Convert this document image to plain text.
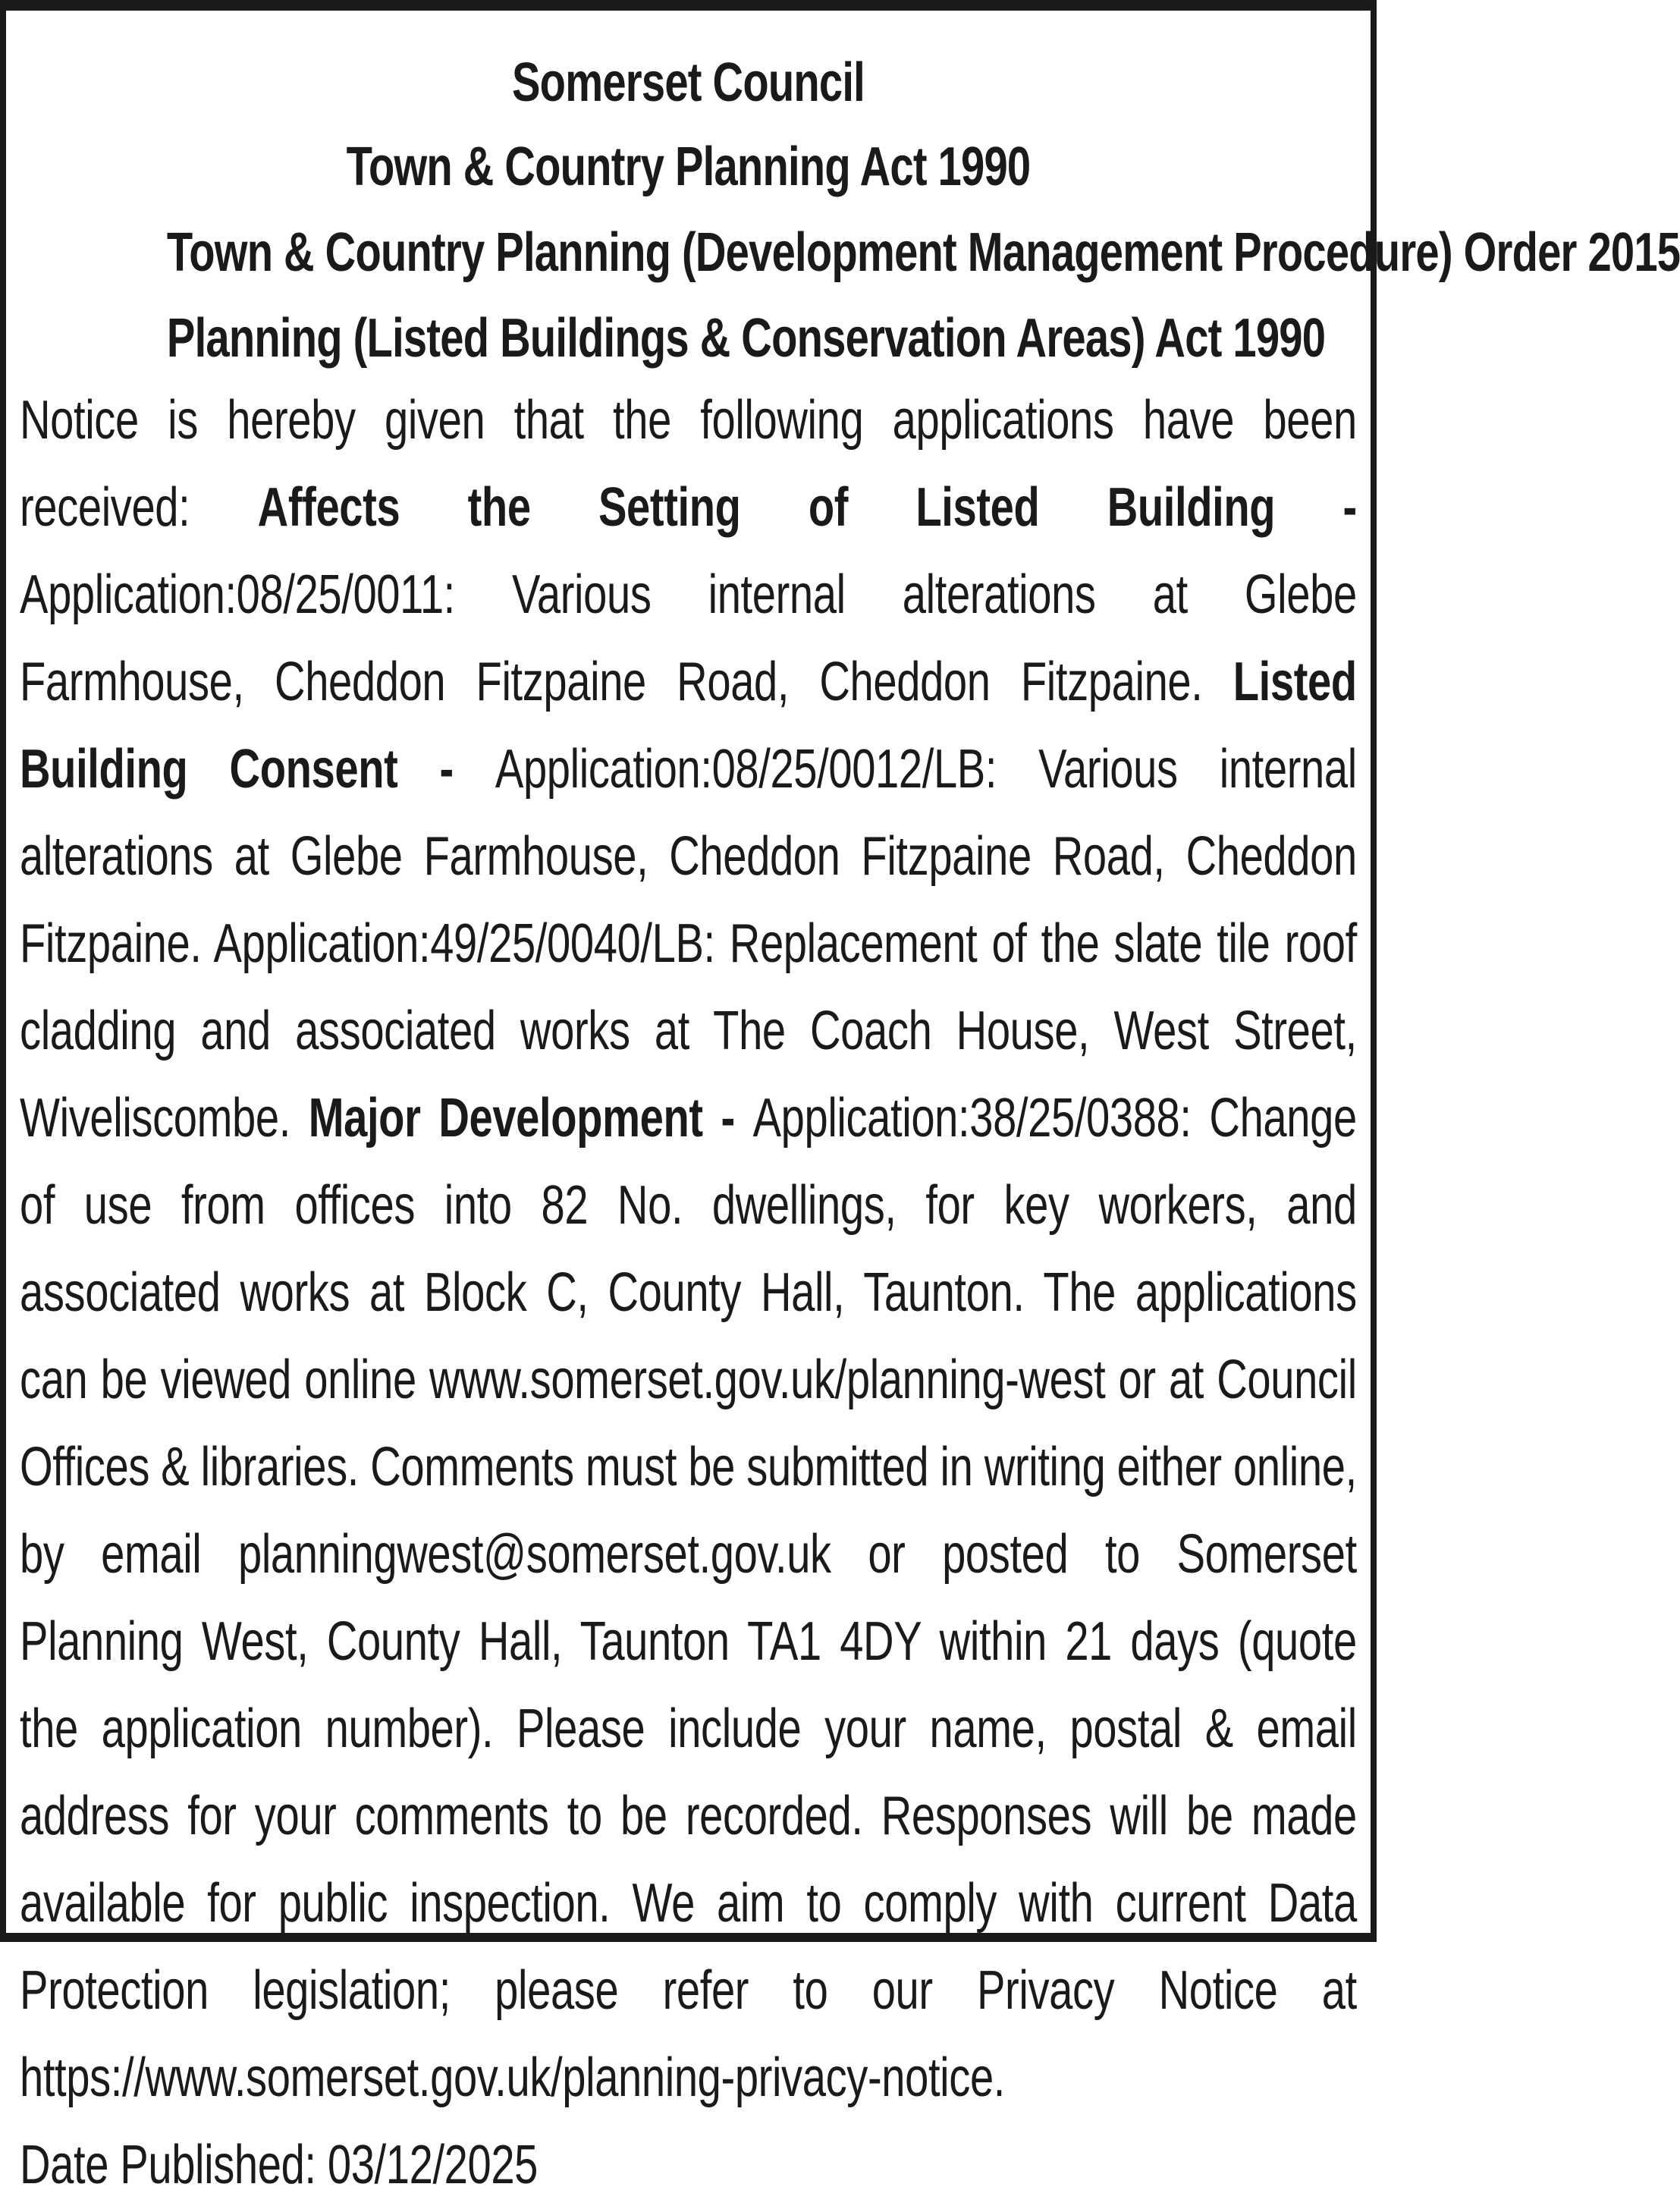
Somerset Council

Town & Country Planning Act 1990

Town & Country Planning (Development Management Procedure) Order 2015

Planning (Listed Buildings & Conservation Areas) Act 1990

Notice is hereby given that the following applications have been received: Affects the Setting of Listed Building - Application:08/25/0011: Various internal alterations at Glebe Farmhouse, Cheddon Fitzpaine Road, Cheddon Fitzpaine. Listed Building Consent - Application:08/25/0012/LB: Various internal alterations at Glebe Farmhouse, Cheddon Fitzpaine Road, Cheddon Fitzpaine. Application:49/25/0040/LB: Replacement of the slate tile roof cladding and associated works at The Coach House, West Street, Wiveliscombe. Major Development - Application:38/25/0388: Change of use from offices into 82 No. dwellings, for key workers, and associated works at Block C, County Hall, Taunton. The applications can be viewed online www.somerset.gov.uk/planning-west or at Council Offices & libraries. Comments must be submitted in writing either online, by email planningwest@somerset.gov.uk or posted to Somerset Planning West, County Hall, Taunton TA1 4DY within 21 days (quote the application number). Please include your name, postal & email address for your comments to be recorded. Responses will be made available for public inspection. We aim to comply with current Data Protection legislation; please refer to our Privacy Notice at https://www.somerset.gov.uk/planning-privacy-notice.

Date Published: 03/12/2025
